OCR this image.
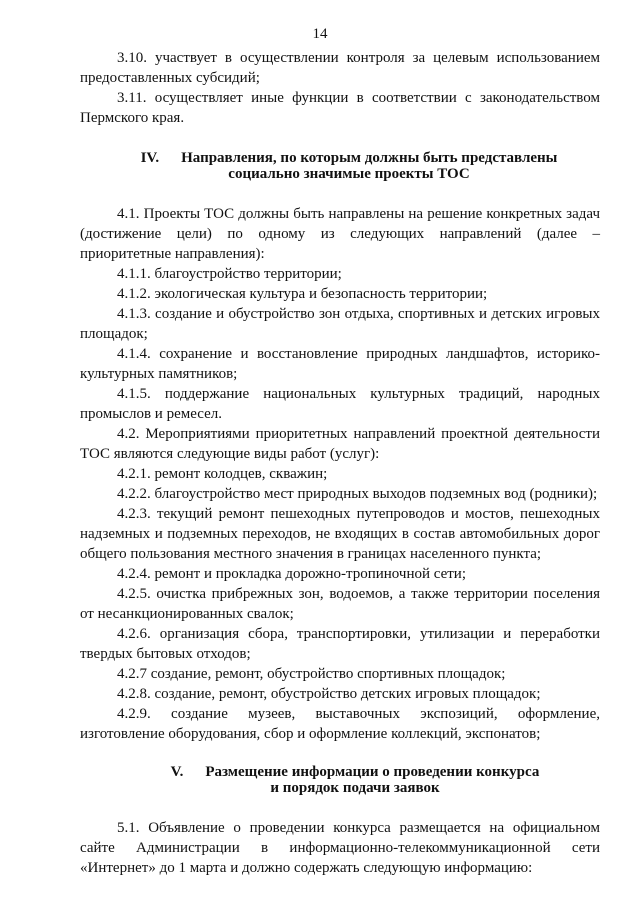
14

3.10. участвует в осуществлении контроля за целевым использованием предоставленных субсидий;

3.11. осуществляет иные функции в соответствии с законодательством Пермского края.

IV. Направления, по которым должны быть представлены
социально значимые проекты ТОС

4.1. Проекты ТОС должны быть направлены на решение конкретных задач (достижение цели) по одному из следующих направлений (далее – приоритетные направления):

4.1.1. благоустройство территории;

4.1.2. экологическая культура и безопасность территории;

4.1.3. создание и обустройство зон отдыха, спортивных и детских игровых площадок;

4.1.4. сохранение и восстановление природных ландшафтов, историко-культурных памятников;

4.1.5. поддержание национальных культурных традиций, народных промыслов и ремесел.

4.2. Мероприятиями приоритетных направлений проектной деятельности ТОС являются следующие виды работ (услуг):

4.2.1. ремонт колодцев, скважин;

4.2.2. благоустройство мест природных выходов подземных вод (родники);

4.2.3. текущий ремонт пешеходных путепроводов и мостов, пешеходных надземных и подземных переходов, не входящих в состав автомобильных дорог общего пользования местного значения в границах населенного пункта;

4.2.4. ремонт и прокладка дорожно-тропиночной сети;

4.2.5. очистка прибрежных зон, водоемов, а также территории поселения от несанкционированных свалок;

4.2.6. организация сбора, транспортировки, утилизации и переработки твердых бытовых отходов;

4.2.7 создание, ремонт, обустройство спортивных площадок;

4.2.8. создание, ремонт, обустройство детских игровых площадок;

4.2.9. создание музеев, выставочных экспозиций, оформление, изготовление оборудования, сбор и оформление коллекций, экспонатов;

V. Размещение информации о проведении конкурса
и порядок подачи заявок

5.1. Объявление о проведении конкурса размещается на официальном сайте Администрации в информационно-телекоммуникационной сети «Интернет» до 1 марта и должно содержать следующую информацию:
